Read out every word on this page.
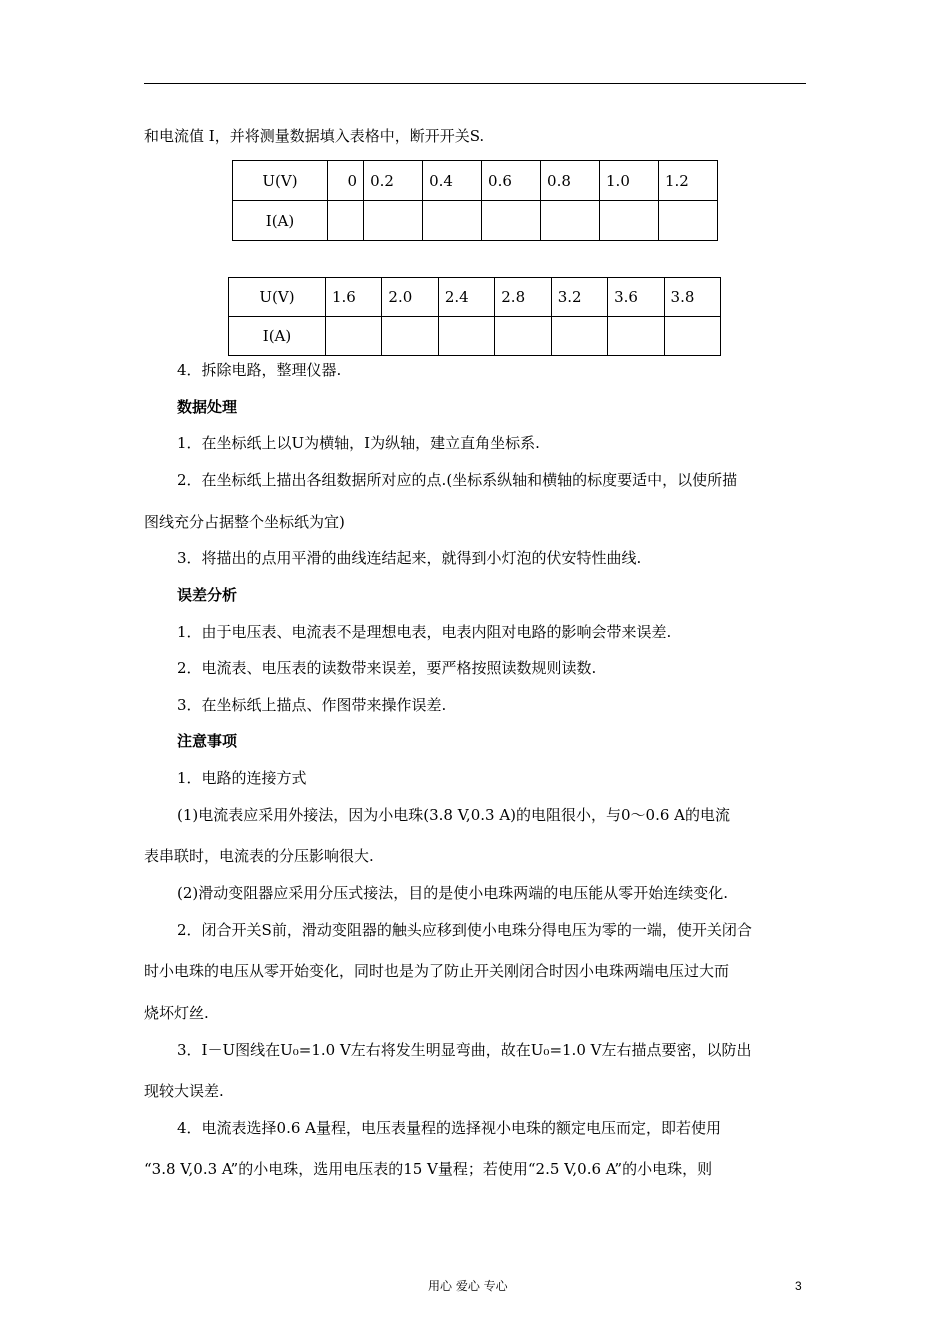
和电流值 I，并将测量数据填入表格中，断开开关S.
U(V)	0	0.2	0.4	0.6	0.8	1.0	1.2
I(A)							
U(V)	1.6	2.0	2.4	2.8	3.2	3.6	3.8
I(A)							
4．拆除电路，整理仪器.
数据处理
1．在坐标纸上以U为横轴，I为纵轴，建立直角坐标系.
2．在坐标纸上描出各组数据所对应的点.(坐标系纵轴和横轴的标度要适中，以使所描
图线充分占据整个坐标纸为宜)
3．将描出的点用平滑的曲线连结起来，就得到小灯泡的伏安特性曲线.
误差分析
1．由于电压表、电流表不是理想电表，电表内阻对电路的影响会带来误差.
2．电流表、电压表的读数带来误差，要严格按照读数规则读数.
3．在坐标纸上描点、作图带来操作误差.
注意事项
1．电路的连接方式
(1)电流表应采用外接法，因为小电珠(3.8 V,0.3 A)的电阻很小，与0～0.6 A的电流
表串联时，电流表的分压影响很大.
(2)滑动变阻器应采用分压式接法，目的是使小电珠两端的电压能从零开始连续变化.
2．闭合开关S前，滑动变阻器的触头应移到使小电珠分得电压为零的一端，使开关闭合
时小电珠的电压从零开始变化，同时也是为了防止开关刚闭合时因小电珠两端电压过大而
烧坏灯丝.
3．I－U图线在U₀=1.0 V左右将发生明显弯曲，故在U₀=1.0 V左右描点要密，以防出
现较大误差.
4．电流表选择0.6 A量程，电压表量程的选择视小电珠的额定电压而定，即若使用
“3.8 V,0.3 A”的小电珠，选用电压表的15 V量程；若使用“2.5 V,0.6 A”的小电珠，则
用心 爱心 专心	3
